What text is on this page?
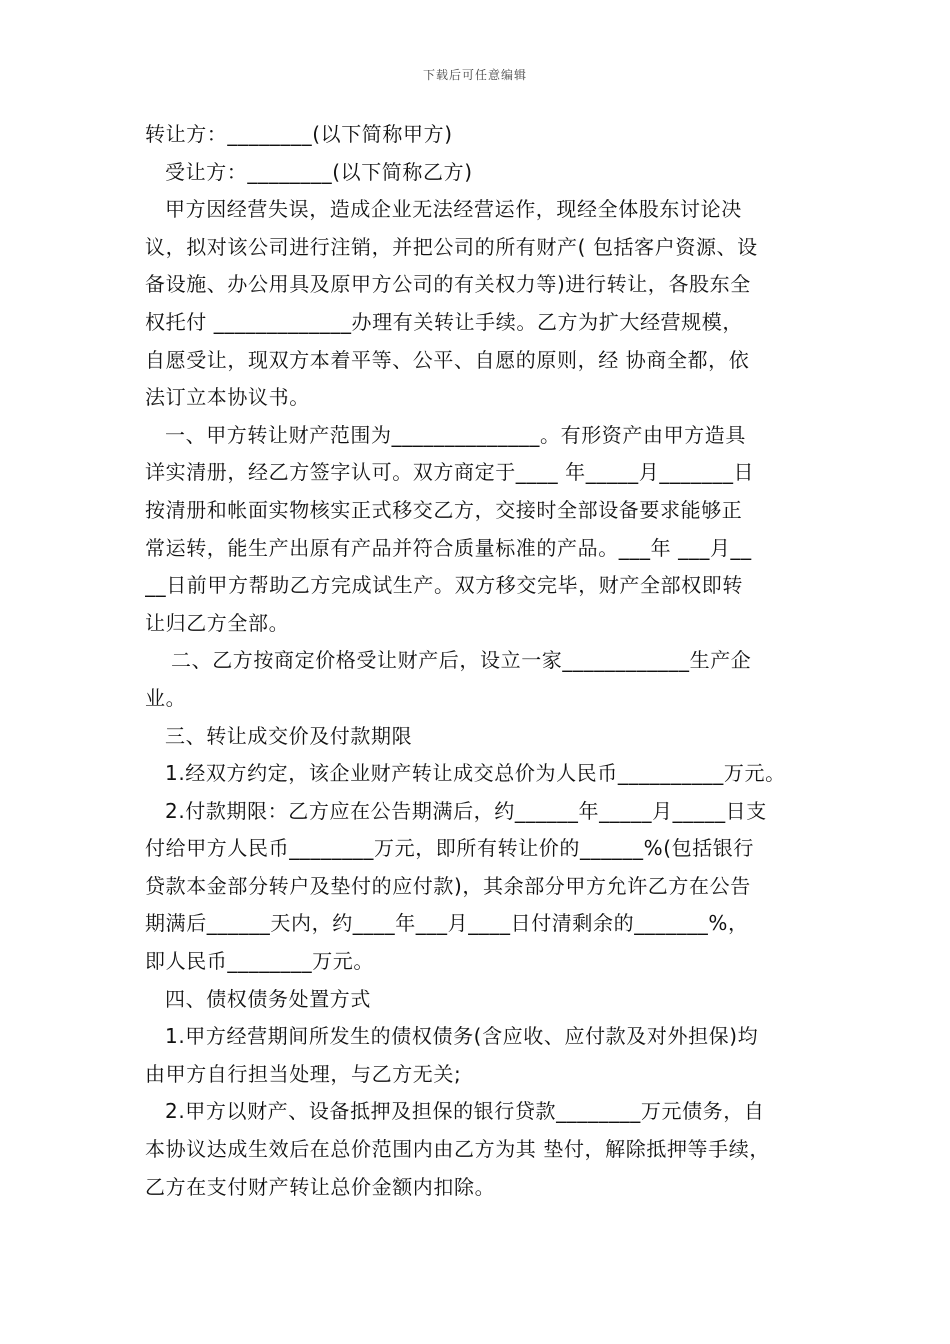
下载后可任意编辑
转让方：________(以下简称甲方)
受让方：________(以下简称乙方)
甲方因经营失误，造成企业无法经营运作，现经全体股东讨论决
议，拟对该公司进行注销，并把公司的所有财产( 包括客户资源、设
备设施、办公用具及原甲方公司的有关权力等)进行转让，各股东全
权托付 _____________办理有关转让手续。乙方为扩大经营规模，
自愿受让，现双方本着平等、公平、自愿的原则，经 协商全都，依
法订立本协议书。
一、甲方转让财产范围为______________。有形资产由甲方造具
详实清册，经乙方签字认可。双方商定于____ 年_____月_______日
按清册和帐面实物核实正式移交乙方，交接时全部设备要求能够正
常运转，能生产出原有产品并符合质量标准的产品。___年 ___月__
__日前甲方帮助乙方完成试生产。双方移交完毕，财产全部权即转
让归乙方全部。
二、乙方按商定价格受让财产后，设立一家____________生产企
业。
三、转让成交价及付款期限
1.经双方约定，该企业财产转让成交总价为人民币__________万元。
2.付款期限：乙方应在公告期满后，约______年_____月_____日支
付给甲方人民币________万元，即所有转让价的______%(包括银行
贷款本金部分转户及垫付的应付款)，其余部分甲方允许乙方在公告
期满后______天内，约____年___月____日付清剩余的_______%，
即人民币________万元。
四、债权债务处置方式
1.甲方经营期间所发生的债权债务(含应收、应付款及对外担保)均
由甲方自行担当处理，与乙方无关;
2.甲方以财产、设备抵押及担保的银行贷款________万元债务，自
本协议达成生效后在总价范围内由乙方为其 垫付，解除抵押等手续，
乙方在支付财产转让总价金额内扣除。
